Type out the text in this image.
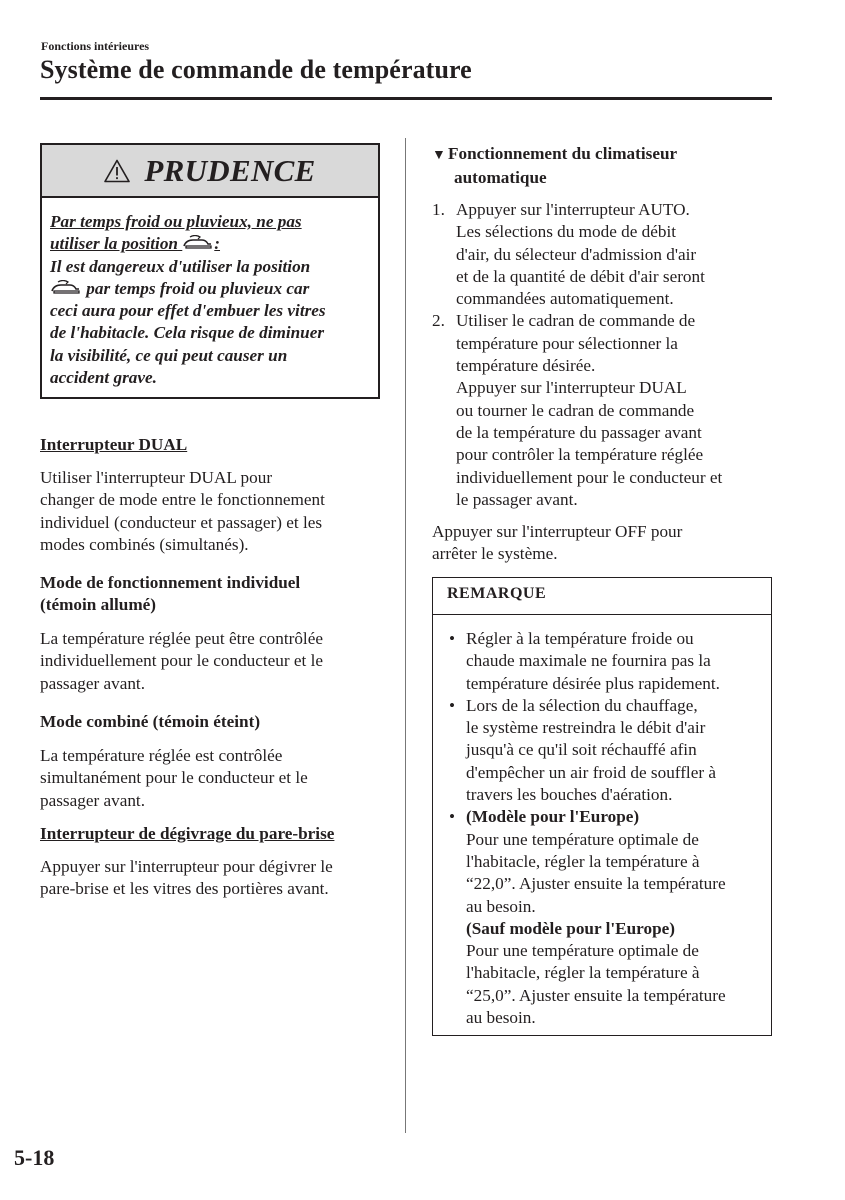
Fonctions intérieures
Système de commande de température
PRUDENCE
Par temps froid ou pluvieux, ne pas
utiliser la position :
Il est dangereux d'utiliser la position
par temps froid ou pluvieux car
ceci aura pour effet d'embuer les vitres
de l'habitacle. Cela risque de diminuer
la visibilité, ce qui peut causer un
accident grave.
Interrupteur DUAL
Utiliser l'interrupteur DUAL pour
changer de mode entre le fonctionnement
individuel (conducteur et passager) et les
modes combinés (simultanés).
Mode de fonctionnement individuel
(témoin allumé)
La température réglée peut être contrôlée
individuellement pour le conducteur et le
passager avant.
Mode combiné (témoin éteint)
La température réglée est contrôlée
simultanément pour le conducteur et le
passager avant.
Interrupteur de dégivrage du pare-brise
Appuyer sur l'interrupteur pour dégivrer le
pare-brise et les vitres des portières avant.
▼ Fonctionnement du climatiseur
automatique
1. Appuyer sur l'interrupteur AUTO.
Les sélections du mode de débit
d'air, du sélecteur d'admission d'air
et de la quantité de débit d'air seront
commandées automatiquement.
2. Utiliser le cadran de commande de
température pour sélectionner la
température désirée.
Appuyer sur l'interrupteur DUAL
ou tourner le cadran de commande
de la température du passager avant
pour contrôler la température réglée
individuellement pour le conducteur et
le passager avant.
Appuyer sur l'interrupteur OFF pour
arrêter le système.
REMARQUE
• Régler à la température froide ou
chaude maximale ne fournira pas la
température désirée plus rapidement.
• Lors de la sélection du chauffage,
le système restreindra le débit d'air
jusqu'à ce qu'il soit réchauffé afin
d'empêcher un air froid de souffler à
travers les bouches d'aération.
• (Modèle pour l'Europe)
Pour une température optimale de
l'habitacle, régler la température à
“22,0”. Ajuster ensuite la température
au besoin.
(Sauf modèle pour l'Europe)
Pour une température optimale de
l'habitacle, régler la température à
“25,0”. Ajuster ensuite la température
au besoin.
5-18
